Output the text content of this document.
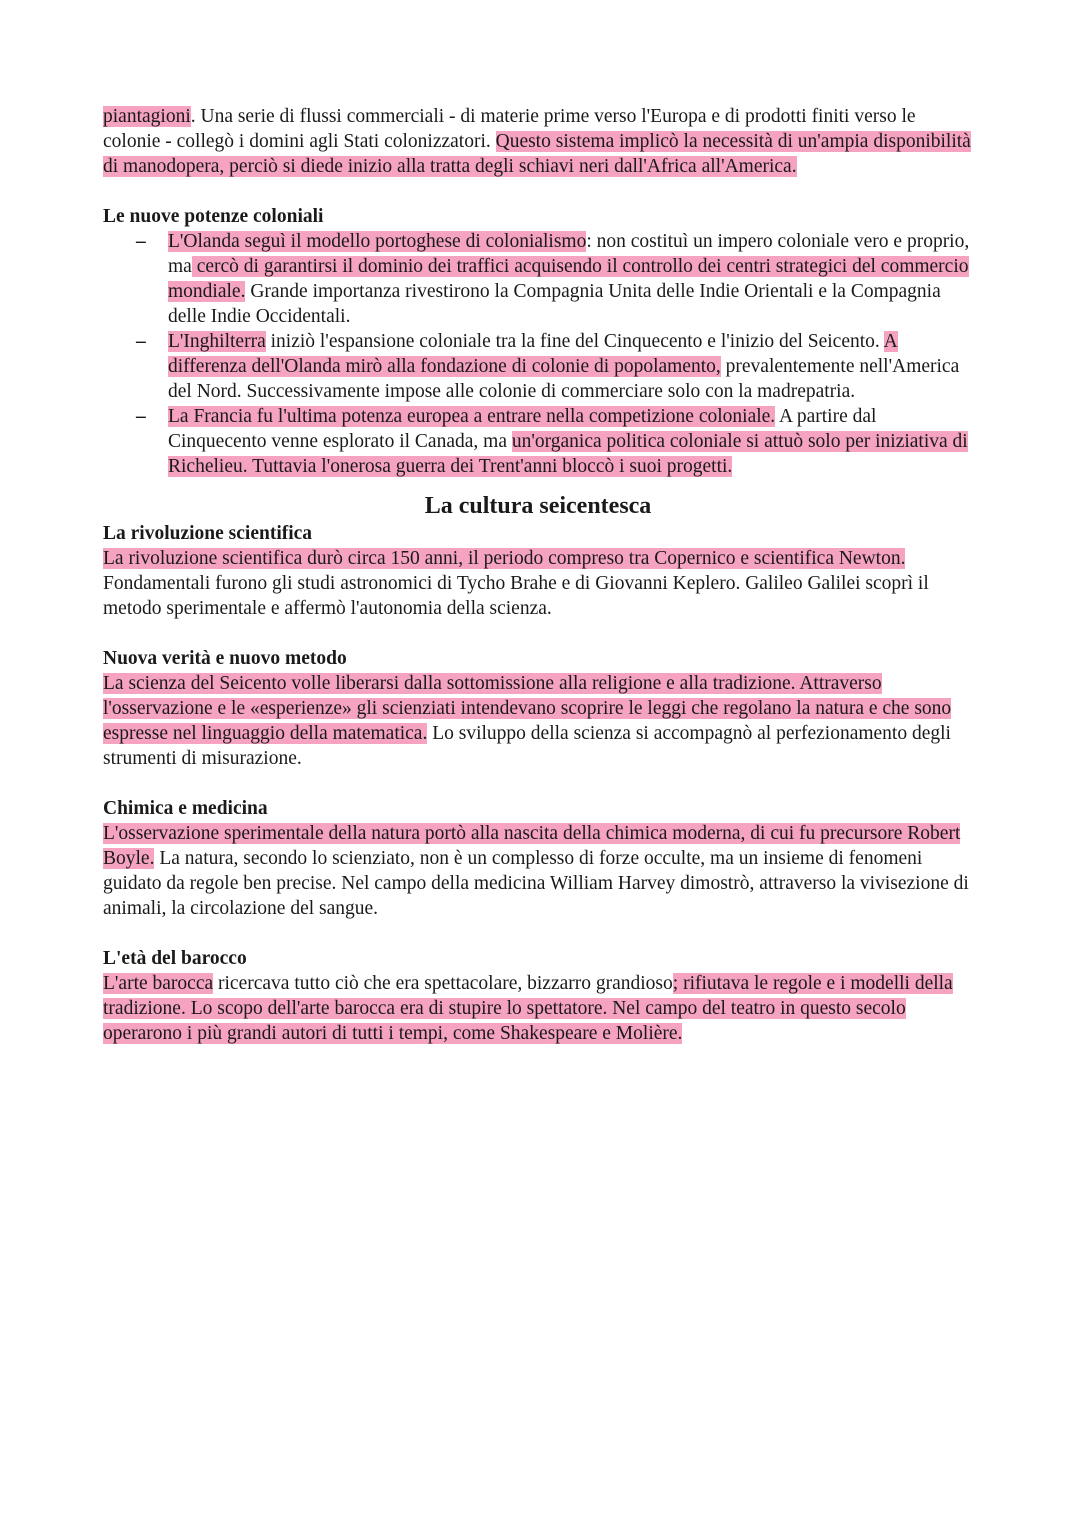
piantagioni. Una serie di flussi commerciali - di materie prime verso l'Europa e di prodotti finiti verso le colonie - collegò i domini agli Stati colonizzatori. Questo sistema implicò la necessità di un'ampia disponibilità di manodopera, perciò si diede inizio alla tratta degli schiavi neri dall'Africa all'America.

Le nuove potenze coloniali

– L'Olanda seguì il modello portoghese di colonialismo: non costituì un impero coloniale vero e proprio, ma cercò di garantirsi il dominio dei traffici acquisendo il controllo dei centri strategici del commercio mondiale. Grande importanza rivestirono la Compagnia Unita delle Indie Orientali e la Compagnia delle Indie Occidentali.
– L'Inghilterra iniziò l'espansione coloniale tra la fine del Cinquecento e l'inizio del Seicento. A differenza dell'Olanda mirò alla fondazione di colonie di popolamento, prevalentemente nell'America del Nord. Successivamente impose alle colonie di commerciare solo con la madrepatria.
– La Francia fu l'ultima potenza europea a entrare nella competizione coloniale. A partire dal Cinquecento venne esplorato il Canada, ma un'organica politica coloniale si attuò solo per iniziativa di Richelieu. Tuttavia l'onerosa guerra dei Trent'anni bloccò i suoi progetti.

La cultura seicentesca

La rivoluzione scientifica

La rivoluzione scientifica durò circa 150 anni, il periodo compreso tra Copernico e scientifica Newton. Fondamentali furono gli studi astronomici di Tycho Brahe e di Giovanni Keplero. Galileo Galilei scoprì il metodo sperimentale e affermò l'autonomia della scienza.

Nuova verità e nuovo metodo

La scienza del Seicento volle liberarsi dalla sottomissione alla religione e alla tradizione. Attraverso l'osservazione e le «esperienze» gli scienziati intendevano scoprire le leggi che regolano la natura e che sono espresse nel linguaggio della matematica. Lo sviluppo della scienza si accompagnò al perfezionamento degli strumenti di misurazione.

Chimica e medicina

L'osservazione sperimentale della natura portò alla nascita della chimica moderna, di cui fu precursore Robert Boyle. La natura, secondo lo scienziato, non è un complesso di forze occulte, ma un insieme di fenomeni guidato da regole ben precise. Nel campo della medicina William Harvey dimostrò, attraverso la vivisezione di animali, la circolazione del sangue.

L'età del barocco

L'arte barocca ricercava tutto ciò che era spettacolare, bizzarro grandioso; rifiutava le regole e i modelli della tradizione. Lo scopo dell'arte barocca era di stupire lo spettatore. Nel campo del teatro in questo secolo operarono i più grandi autori di tutti i tempi, come Shakespeare e Molière.
